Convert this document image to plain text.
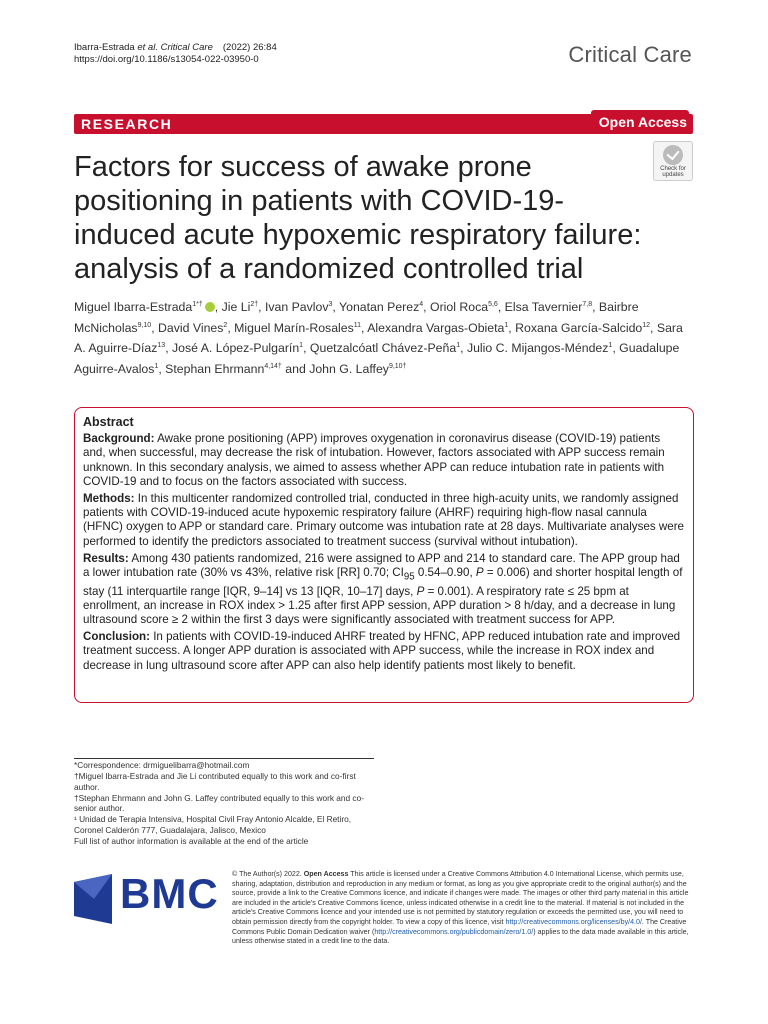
Ibarra-Estrada et al. Critical Care (2022) 26:84
https://doi.org/10.1186/s13054-022-03950-0	Critical Care
RESEARCH	Open Access
Check for
updates
Factors for success of awake prone positioning in patients with COVID-19-induced acute hypoxemic respiratory failure: analysis of a randomized controlled trial
Miguel Ibarra-Estrada$^{1*\dagger}$ , Jie $Li^{2\dagger}$, Ivan Pavlov$^3$, Yonatan Perez$^4$, Oriol Roca$^{5,6}$, Elsa Tavernier$^{7,8}$, Bairbre McNicholas$^{9,10}$, David Vines$^2$, Miguel Marín-Rosales$^{11}$, Alexandra Vargas-Obieta$^1$, Roxana García-Salcido$^{12}$, Sara A. Aguirre-Díaz$^{13}$, José A. López-Pulgarín$^1$, Quetzalcóatl Chávez-Peña$^1$, Julio C. Mijangos-Méndez$^1$, Guadalupe Aguirre-Avalos$^1$, Stephan Ehrmann$^{4,14\dagger}$ and John G. Laffey$^{9,10\dagger}$
Abstract

Background: Awake prone positioning (APP) improves oxygenation in coronavirus disease (COVID-19) patients and, when successful, may decrease the risk of intubation. However, factors associated with APP success remain unknown. In this secondary analysis, we aimed to assess whether APP can reduce intubation rate in patients with COVID-19 and to focus on the factors associated with success.

Methods: In this multicenter randomized controlled trial, conducted in three high-acuity units, we randomly assigned patients with COVID-19-induced acute hypoxemic respiratory failure (AHRF) requiring high-flow nasal cannula (HFNC) oxygen to APP or standard care. Primary outcome was intubation rate at 28 days. Multivariate analyses were performed to identify the predictors associated to treatment success (survival without intubation).

Results: Among 430 patients randomized, 216 were assigned to APP and 214 to standard care. The APP group had a lower intubation rate (30% vs 43%, relative risk [RR] 0.70; $CI_{95}$ 0.54–0.90, P = 0.006) and shorter hospital length of stay (11 interquartile range [IQR, 9–14] vs 13 [IQR, 10–17] days, P = 0.001). A respiratory rate ≤ 25 bpm at enrollment, an increase in ROX index > 1.25 after first APP session, APP duration > 8 h/day, and a decrease in lung ultrasound score ≥ 2 within the first 3 days were significantly associated with treatment success for APP.

Conclusion: In patients with COVID-19-induced AHRF treated by HFNC, APP reduced intubation rate and improved treatment success. A longer APP duration is associated with APP success, while the increase in ROX index and decrease in lung ultrasound score after APP can also help identify patients most likely to benefit.

*Correspondence: drmiguelibarra@hotmail.com
†Miguel Ibarra-Estrada and Jie Li contributed equally to this work and co-first author.
†Stephan Ehrmann and John G. Laffey contributed equally to this work and co-senior author.
¹ Unidad de Terapia Intensiva, Hospital Civil Fray Antonio Alcalde, El Retiro, Coronel Calderón 777, Guadalajara, Jalisco, Mexico
Full list of author information is available at the end of the article
BMC © The Author(s) 2022. Open Access This article is licensed under a Creative Commons Attribution 4.0 International License, which permits use, sharing, adaptation, distribution and reproduction in any medium or format, as long as you give appropriate credit to the original author(s) and the source, provide a link to the Creative Commons licence, and indicate if changes were made. The images or other third party material in this article are included in the article's Creative Commons licence, unless indicated otherwise in a credit line to the material. If material is not included in the article's Creative Commons licence and your intended use is not permitted by statutory regulation or exceeds the permitted use, you will need to obtain permission directly from the copyright holder. To view a copy of this licence, visit http://creativecommons.org/licenses/by/4.0/. The Creative Commons Public Domain Dedication waiver (http://creativecommons.org/publicdomain/zero/1.0/) applies to the data made available in this article, unless otherwise stated in a credit line to the data.
